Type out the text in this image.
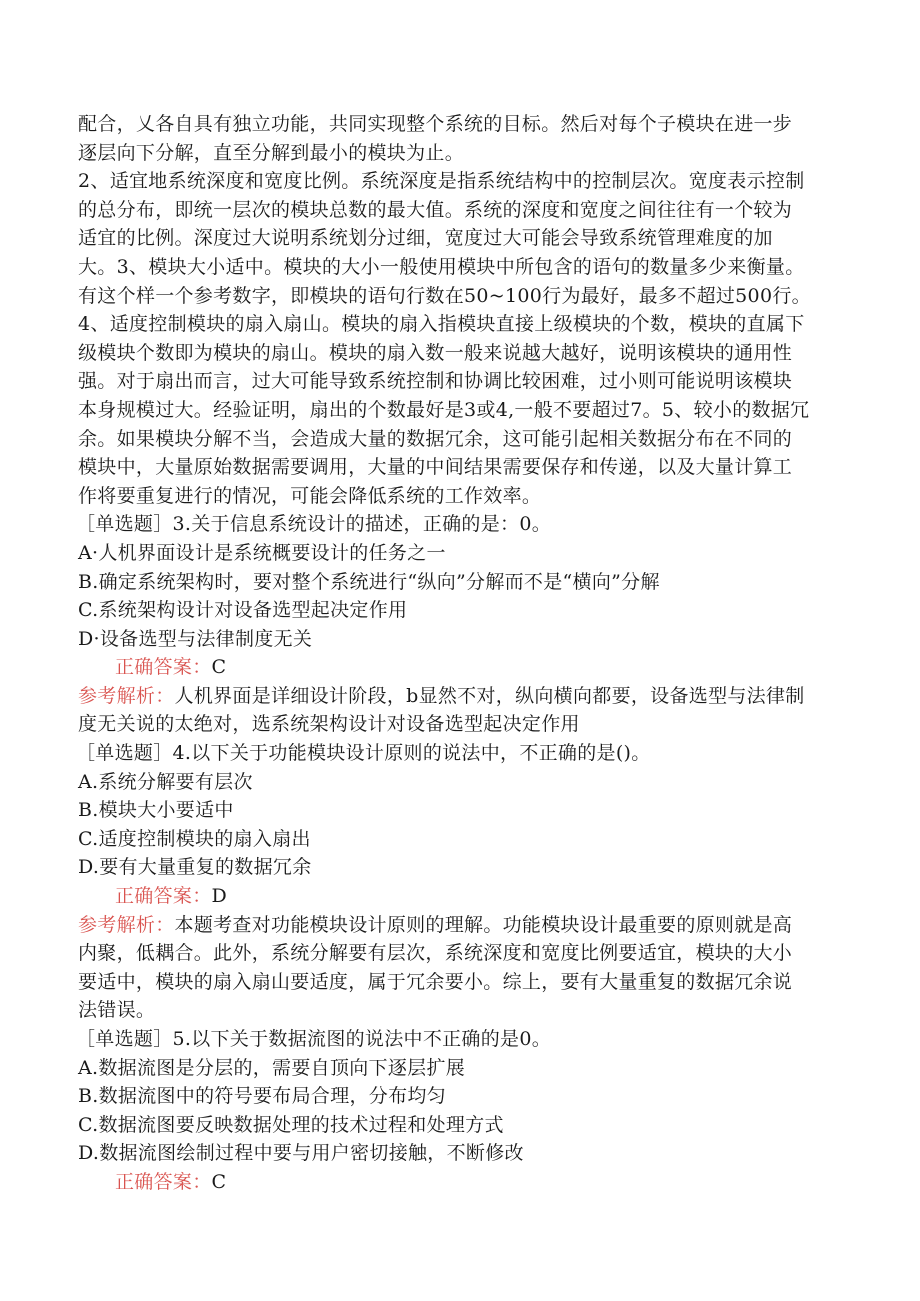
配合，乂各自具有独立功能，共同实现整个系统的目标。然后对每个子模块在进一步
逐层向下分解，直至分解到最小的模块为止。
2、适宜地系统深度和宽度比例。系统深度是指系统结构中的控制层次。宽度表示控制
的总分布，即统一层次的模块总数的最大值。系统的深度和宽度之间往往有一个较为
适宜的比例。深度过大说明系统划分过细，宽度过大可能会导致系统管理难度的加
大。3、模块大小适中。模块的大小一般使用模块中所包含的语句的数量多少来衡量。
有这个样一个参考数字，即模块的语句行数在50~100行为最好，最多不超过500行。
4、适度控制模块的扇入扇山。模块的扇入指模块直接上级模块的个数，模块的直属下
级模块个数即为模块的扇山。模块的扇入数一般来说越大越好，说明该模块的通用性
强。对于扇出而言，过大可能导致系统控制和协调比较困难，过小则可能说明该模块
本身规模过大。经验证明，扇出的个数最好是3或4,一般不要超过7。5、较小的数据冗
余。如果模块分解不当，会造成大量的数据冗余，这可能引起相关数据分布在不同的
模块中，大量原始数据需要调用，大量的中间结果需要保存和传递，以及大量计算工
作将要重复进行的情况，可能会降低系统的工作效率。
［单选题］3.关于信息系统设计的描述，正确的是：0。
A·人机界面设计是系统概要设计的任务之一
B.确定系统架构时，要对整个系统进行“纵向”分解而不是“横向”分解
C.系统架构设计对设备选型起决定作用
D·设备选型与法律制度无关
正确答案：C
参考解析：人机界面是详细设计阶段，b显然不对，纵向横向都要，设备选型与法律制
度无关说的太绝对，选系统架构设计对设备选型起决定作用
［单选题］4.以下关于功能模块设计原则的说法中，不正确的是()。
A.系统分解要有层次
B.模块大小要适中
C.适度控制模块的扇入扇出
D.要有大量重复的数据冗余
正确答案：D
参考解析：本题考查对功能模块设计原则的理解。功能模块设计最重要的原则就是高
内聚，低耦合。此外，系统分解要有层次，系统深度和宽度比例要适宜，模块的大小
要适中，模块的扇入扇山要适度，属于冗余要小。综上，要有大量重复的数据冗余说
法错误。
［单选题］5.以下关于数据流图的说法中不正确的是0。
A.数据流图是分层的，需要自顶向下逐层扩展
B.数据流图中的符号要布局合理，分布均匀
C.数据流图要反映数据处理的技术过程和处理方式
D.数据流图绘制过程中要与用户密切接触，不断修改
正确答案：C
